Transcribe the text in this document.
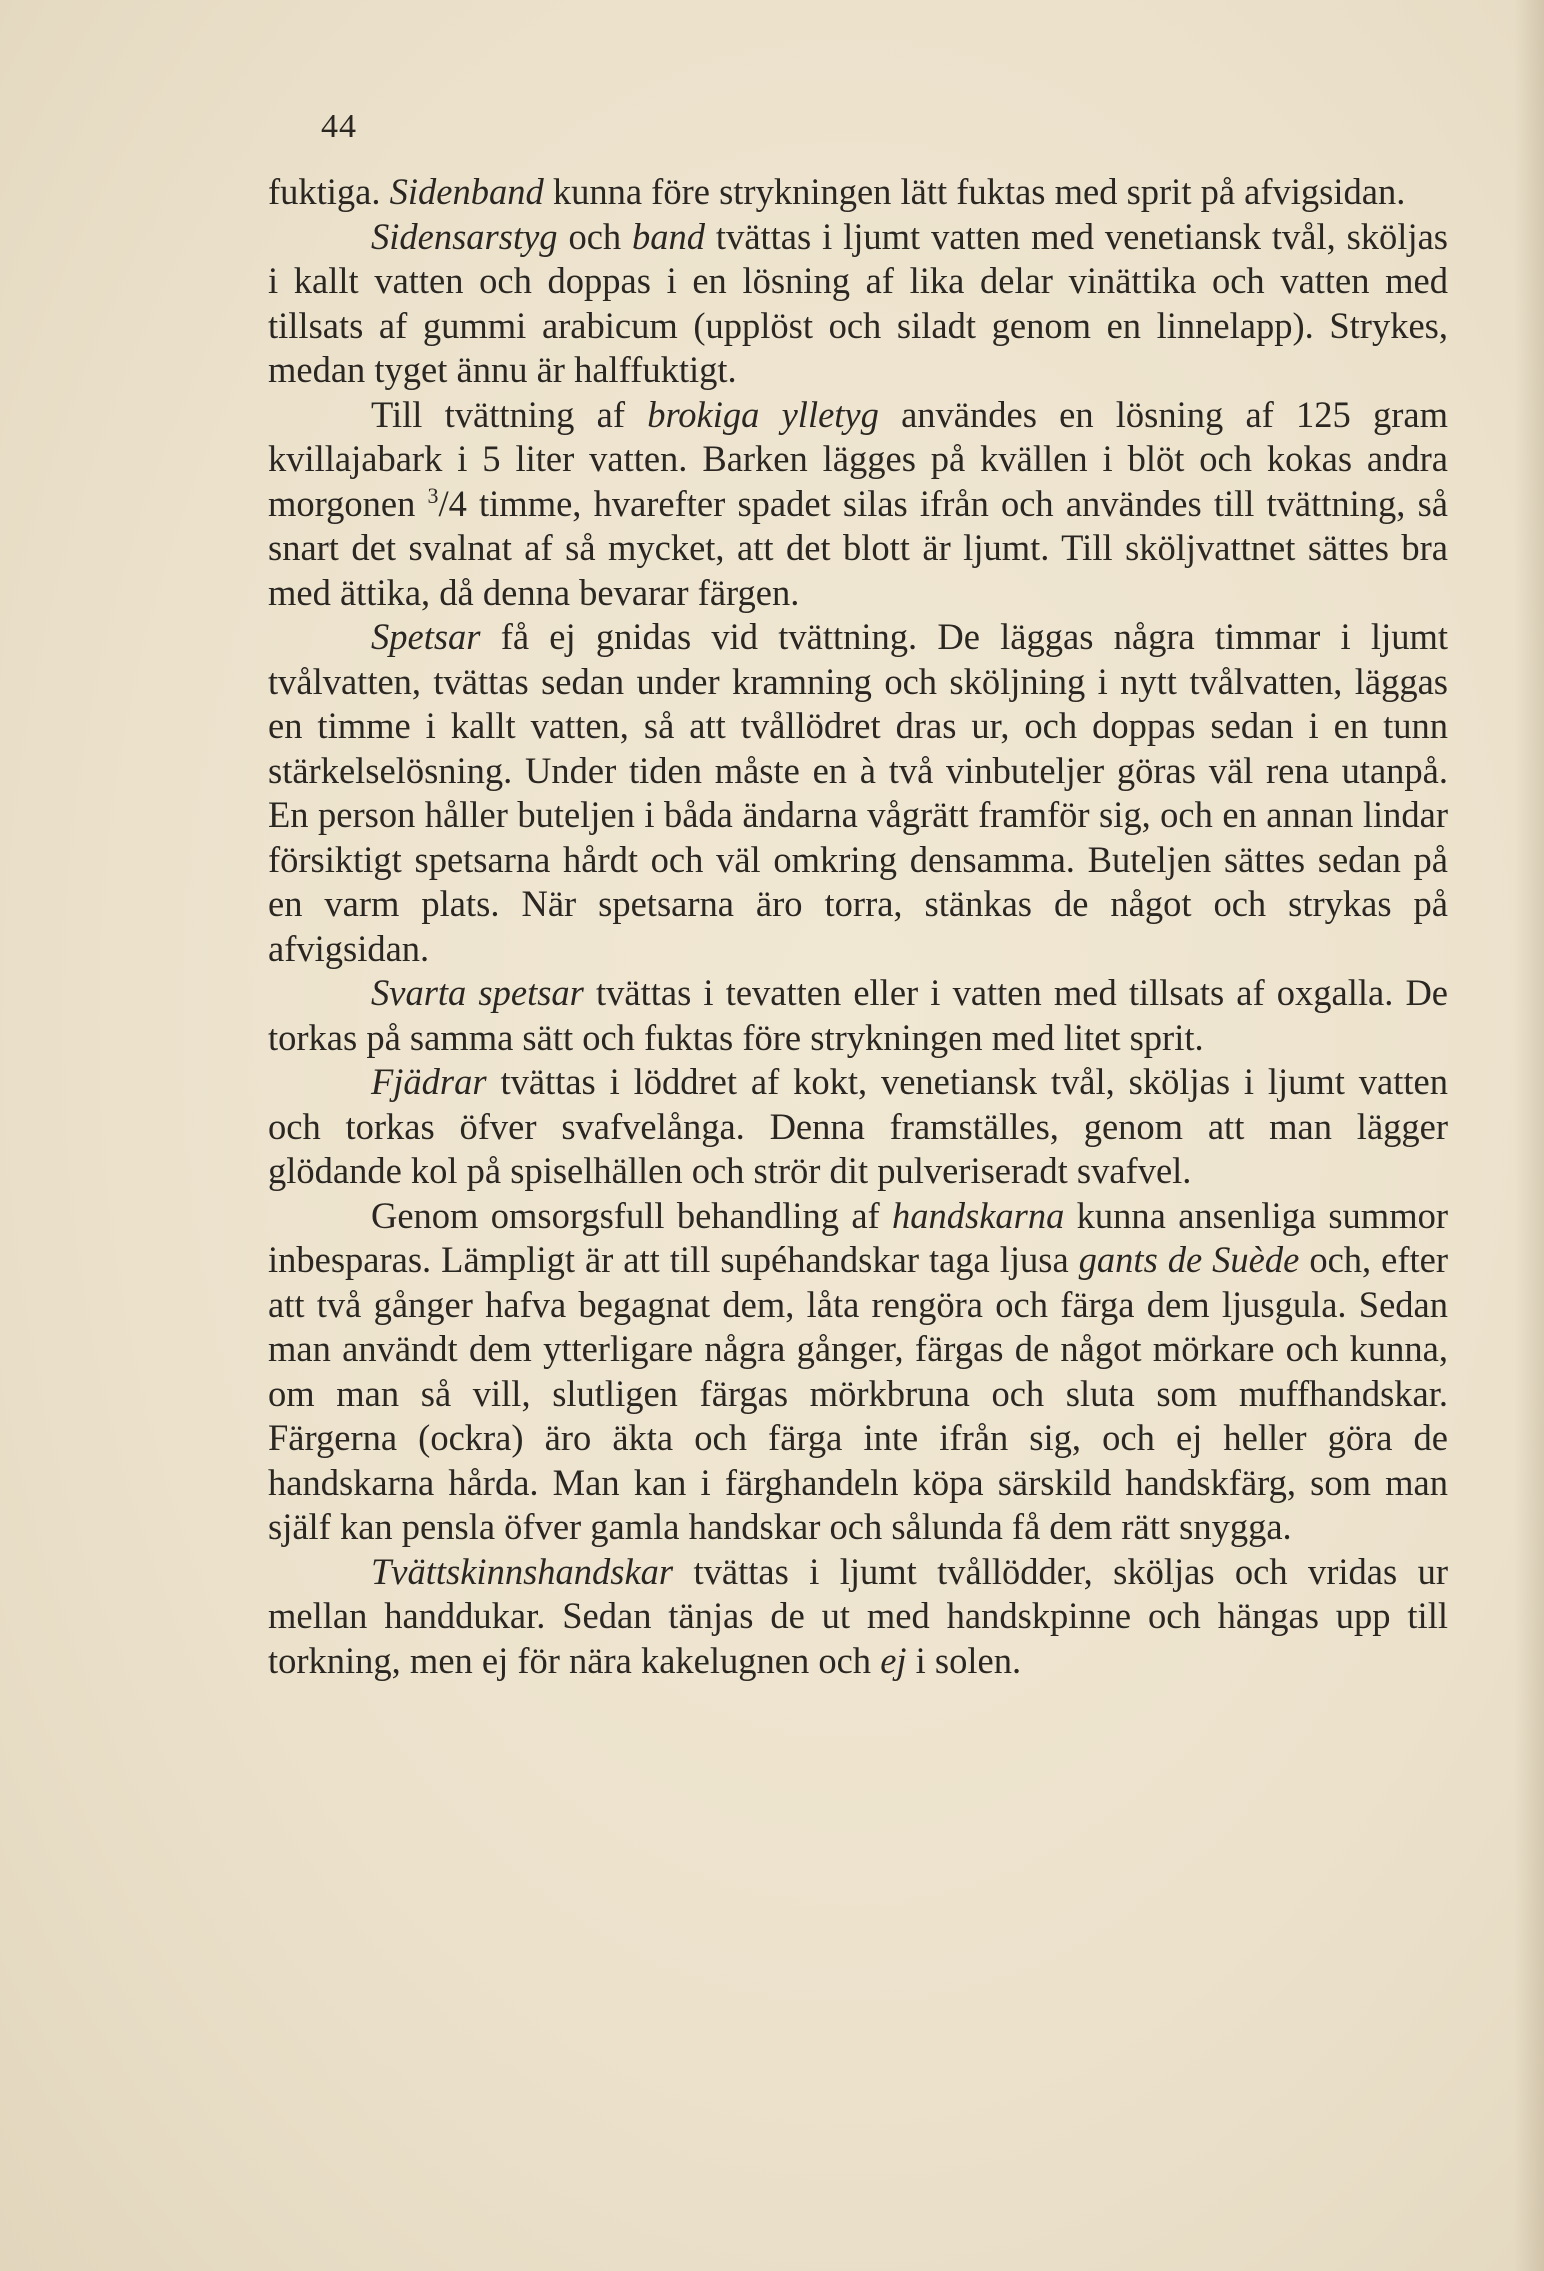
44

fuktiga. Sidenband kunna före strykningen lätt fuktas med sprit på afvigsidan.

Sidensarstyg och band tvättas i ljumt vatten med venetiansk tvål, sköljas i kallt vatten och doppas i en lösning af lika delar vinättika och vatten med tillsats af gummi arabicum (upplöst och siladt genom en linnelapp). Strykes, medan tyget ännu är halffuktigt.

Till tvättning af brokiga ylletyg användes en lösning af 125 gram kvillajabark i 5 liter vatten. Barken lägges på kvällen i blöt och kokas andra morgonen $^3$/4 timme, hvarefter spadet silas ifrån och användes till tvättning, så snart det svalnat af så mycket, att det blott är ljumt. Till sköljvattnet sättes bra med ättika, då denna bevarar färgen.

Spetsar få ej gnidas vid tvättning. De läggas några timmar i ljumt tvålvatten, tvättas sedan under kramning och sköljning i nytt tvålvatten, läggas en timme i kallt vatten, så att tvållödret dras ur, och doppas sedan i en tunn stärkelselösning. Under tiden måste en à två vinbuteljer göras väl rena utanpå. En person håller buteljen i båda ändarna vågrätt framför sig, och en annan lindar försiktigt spetsarna hårdt och väl omkring densamma. Buteljen sättes sedan på en varm plats. När spetsarna äro torra, stänkas de något och strykas på afvigsidan.

Svarta spetsar tvättas i tevatten eller i vatten med tillsats af oxgalla. De torkas på samma sätt och fuktas före strykningen med litet sprit.

Fjädrar tvättas i löddret af kokt, venetiansk tvål, sköljas i ljumt vatten och torkas öfver svafvelånga. Denna framställes, genom att man lägger glödande kol på spiselhällen och strör dit pulveriseradt svafvel.

Genom omsorgsfull behandling af handskarna kunna ansenliga summor inbesparas. Lämpligt är att till supéhandskar taga ljusa gants de Suède och, efter att två gånger hafva begagnat dem, låta rengöra och färga dem ljusgula. Sedan man användt dem ytterligare några gånger, färgas de något mörkare och kunna, om man så vill, slutligen färgas mörkbruna och sluta som muffhandskar. Färgerna (ockra) äro äkta och färga inte ifrån sig, och ej heller göra de handskarna hårda. Man kan i färghandeln köpa särskild handskfärg, som man själf kan pensla öfver gamla handskar och sålunda få dem rätt snygga.

Tvättskinnshandskar tvättas i ljumt tvållödder, sköljas och vridas ur mellan handdukar. Sedan tänjas de ut med handskpinne och hängas upp till torkning, men ej för nära kakelugnen och ej i solen.
